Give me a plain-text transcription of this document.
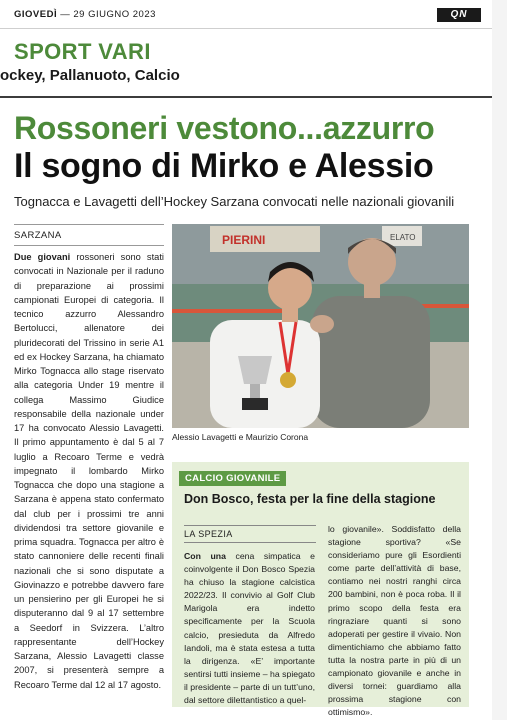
GIOVEDÌ — 29 GIUGNO 2023	QN
SPORT VARI
ockey, Pallanuoto, Calcio
Rossoneri vestono...azzurro
Il sogno di Mirko e Alessio
Tognacca e Lavagetti dell’Hockey Sarzana convocati nelle nazionali giovanili
SARZANA
Due giovani rossoneri sono stati convocati in Nazionale per il raduno di preparazione ai prossimi campionati Europei di categoria. Il tecnico azzurro Alessandro Bertolucci, allenatore dei pluridecorati del Trissino in serie A1 ed ex Hockey Sarzana, ha chiamato Mirko Tognacca allo stage riservato alla categoria Under 19 mentre il collega Massimo Giudice responsabile della nazionale under 17 ha convocato Alessio Lavagetti. Il primo appuntamento è dal 5 al 7 luglio a Recoaro Terme e vedrà impegnato il lombardo Mirko Tognacca che dopo una stagione a Sarzana è appena stato confermato dal club per i prossimi tre anni dividendosi tra settore giovanile e prima squadra. Tognacca per altro è stato cannoniere delle recenti finali nazionali che si sono disputate a Giovinazzo e potrebbe davvero fare un pensierino per gli Europei he si disputeranno dal 9 al 17 settembre a Seedorf in Svizzera. L’altro rappresentante dell’Hockey Sarzana, Alessio Lavagetti classe 2007, si presenterà sempre a Recoaro Terme dal 12 al 17 agosto.
PIERINI	ELATO
Alessio Lavagetti e Maurizio Corona
CALCIO GIOVANILE
Don Bosco, festa per la fine della stagione
LA SPEZIA
Con una cena simpatica e coinvolgente il Don Bosco Spezia ha chiuso la stagione calcistica 2022/23. Il convivio al Golf Club Marigola era indetto specificamente per la Scuola calcio, presieduta da Alfredo Iandoli, ma è stata estesa a tutta la dirigenza. «E’ importante sentirsi tutti insieme – ha spiegato il presidente – parte di un tutt’uno, dal settore dilettantistico a quel-
lo giovanile». Soddisfatto della stagione sportiva? «Se consideriamo pure gli Esordienti come parte dell’attività di base, contiamo nei nostri ranghi circa 200 bambini, non è poca roba. Il il primo scopo della festa era ringraziare quanti si sono adoperati per gestire il vivaio. Non dimentichiamo che abbiamo fatto tutta la nostra parte in più di un campionato giovanile e anche in diversi tornei: guardiamo alla prossima stagione con ottimismo».
